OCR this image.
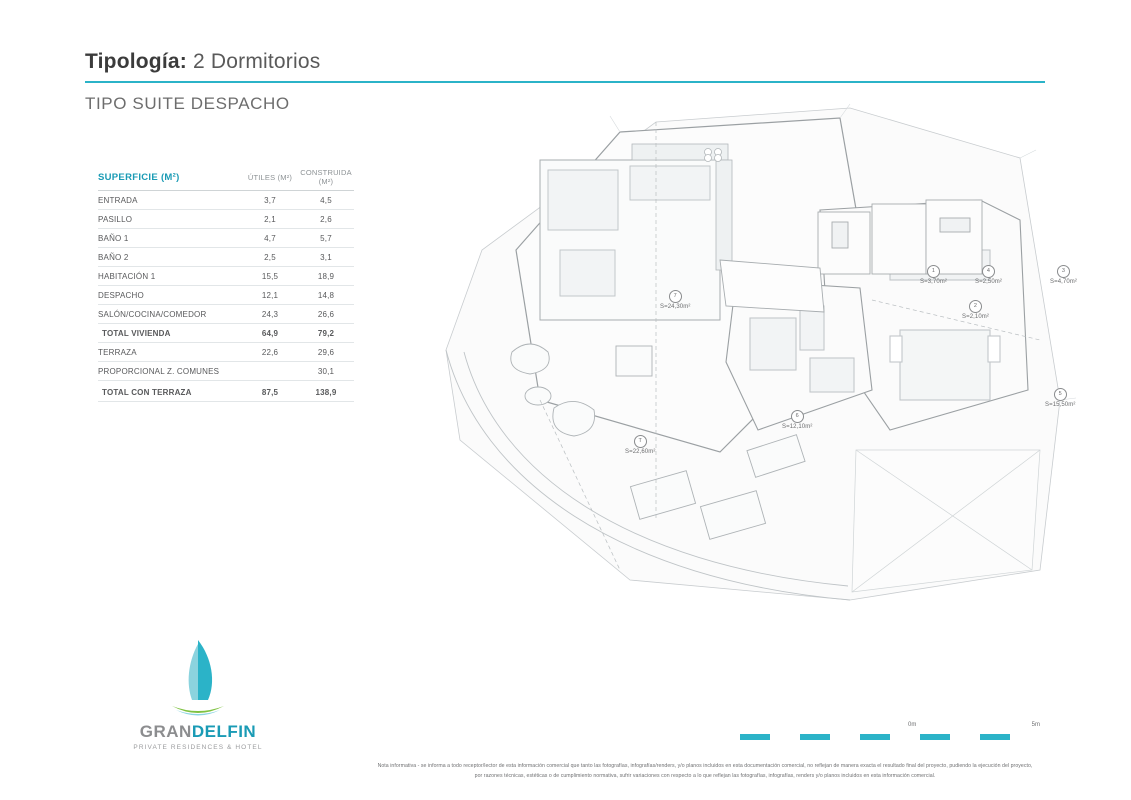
Tipología: 2 Dormitorios
TIPO SUITE DESPACHO
SUPERFICIE (M²)	ÚTILES (M²)	CONSTRUIDA (M²)
ENTRADA	3,7	4,5
PASILLO	2,1	2,6
BAÑO 1	4,7	5,7
BAÑO 2	2,5	3,1
HABITACIÓN 1	15,5	18,9
DESPACHO	12,1	14,8
SALÓN/COCINA/COMEDOR	24,3	26,6
TOTAL VIVIENDA	64,9	79,2
TERRAZA	22,6	29,6
PROPORCIONAL Z. COMUNES		30,1
TOTAL CON TERRAZA	87,5	138,9
1
S=3,70m²
4
S=2,50m²
3
S=4,70m²
2
S=2,10m²
7
S=24,30m²
6
S=12,10m²
5
S=15,50m²
T
S=22,60m²
GRANDELFIN
PRIVATE RESIDENCES & HOTEL
0m	5m
Nota informativa - se informa a todo receptor/lector de esta información comercial que tanto las fotografías, infografías/renders, y/o planos incluidos en esta documentación comercial, no reflejan de manera exacta el resultado final del proyecto, pudiendo la ejecución del proyecto, por razones técnicas, estéticas o de cumplimiento normativa, sufrir variaciones con respecto a lo que reflejan las fotografías, infografías, renders y/o planos incluidos en esta información comercial.
